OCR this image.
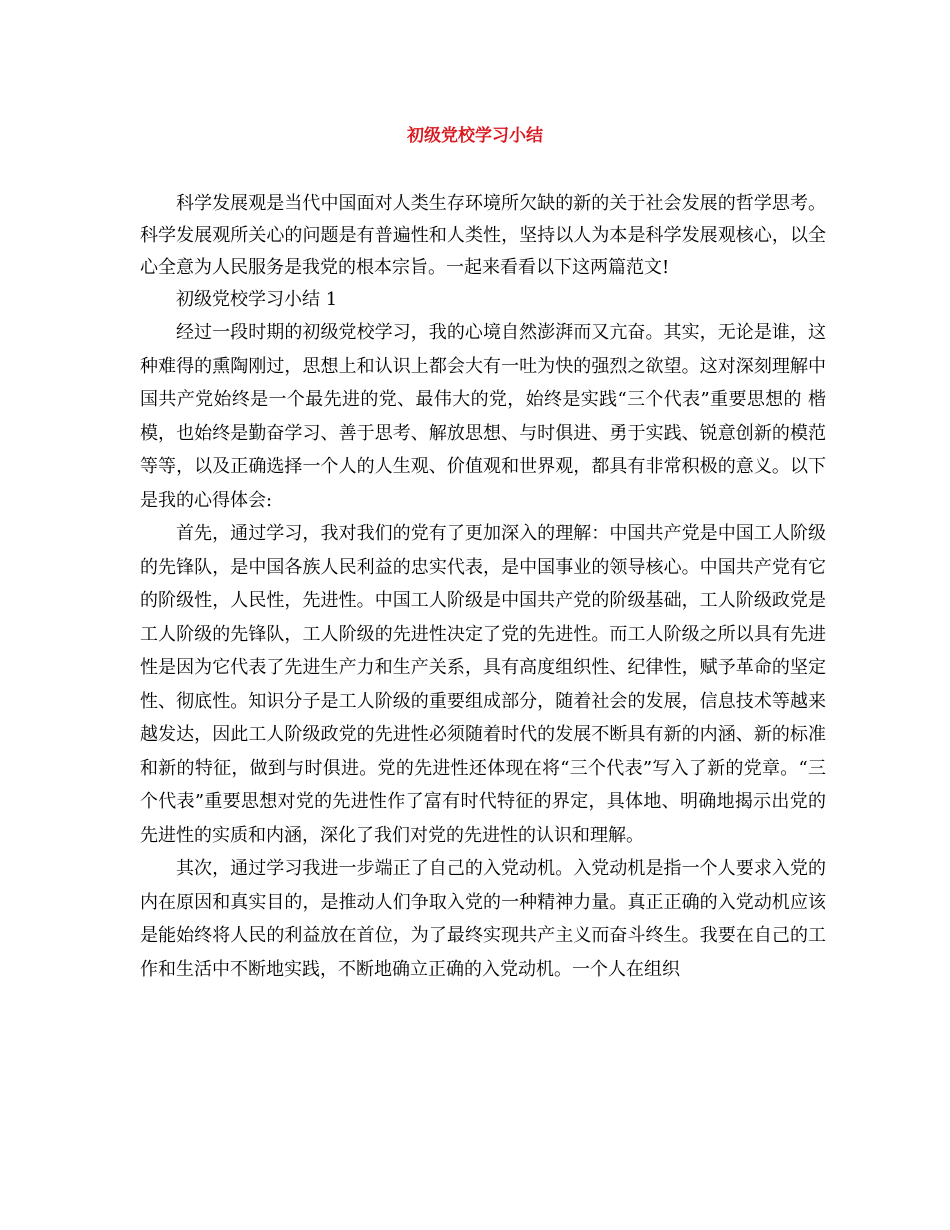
初级党校学习小结

科学发展观是当代中国面对人类生存环境所欠缺的新的关于社会发展的哲学思考。科学发展观所关心的问题是有普遍性和人类性，坚持以人为本是科学发展观核心，以全心全意为人民服务是我党的根本宗旨。一起来看看以下这两篇范文!

初级党校学习小结 1

经过一段时期的初级党校学习，我的心境自然澎湃而又亢奋。其实，无论是谁，这种难得的熏陶刚过，思想上和认识上都会大有一吐为快的强烈之欲望。这对深刻理解中国共产党始终是一个最先进的党、最伟大的党，始终是实践“三个代表”重要思想的 楷模，也始终是勤奋学习、善于思考、解放思想、与时俱进、勇于实践、锐意创新的模范等等，以及正确选择一个人的人生观、价值观和世界观，都具有非常积极的意义。以下是我的心得体会:

首先，通过学习，我对我们的党有了更加深入的理解：中国共产党是中国工人阶级的先锋队，是中国各族人民利益的忠实代表，是中国事业的领导核心。中国共产党有它的阶级性，人民性，先进性。中国工人阶级是中国共产党的阶级基础，工人阶级政党是工人阶级的先锋队，工人阶级的先进性决定了党的先进性。而工人阶级之所以具有先进性是因为它代表了先进生产力和生产关系，具有高度组织性、纪律性，赋予革命的坚定性、彻底性。知识分子是工人阶级的重要组成部分，随着社会的发展，信息技术等越来越发达，因此工人阶级政党的先进性必须随着时代的发展不断具有新的内涵、新的标准和新的特征，做到与时俱进。党的先进性还体现在将“三个代表”写入了新的党章。“三个代表”重要思想对党的先进性作了富有时代特征的界定，具体地、明确地揭示出党的先进性的实质和内涵，深化了我们对党的先进性的认识和理解。

其次，通过学习我进一步端正了自己的入党动机。入党动机是指一个人要求入党的内在原因和真实目的，是推动人们争取入党的一种精神力量。真正正确的入党动机应该是能始终将人民的利益放在首位，为了最终实现共产主义而奋斗终生。我要在自己的工作和生活中不断地实践，不断地确立正确的入党动机。一个人在组织
